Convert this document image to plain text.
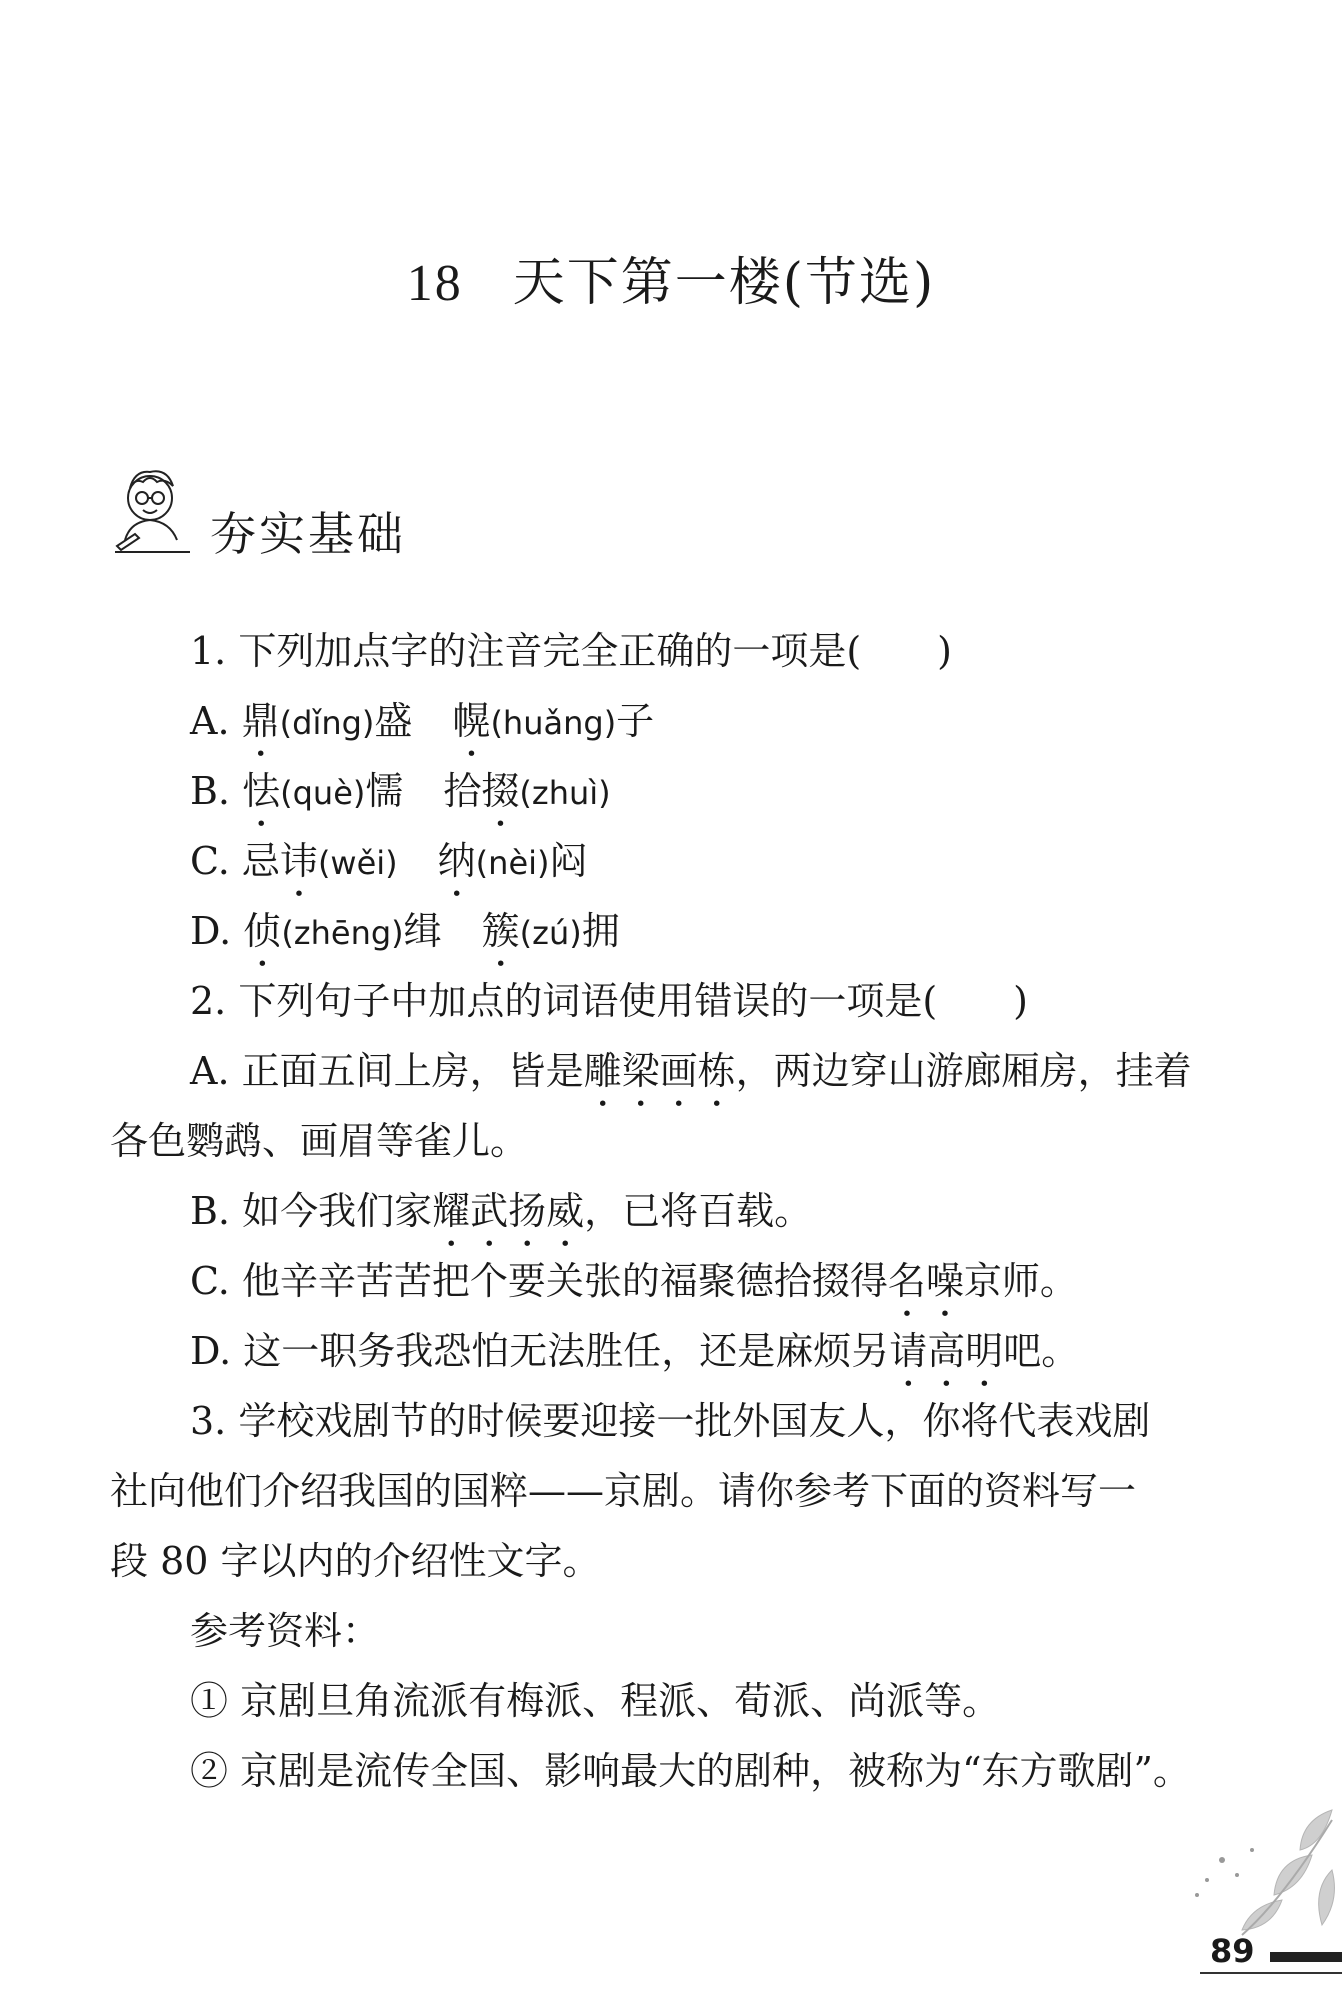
18 天下第一楼(节选)
夯实基础
1. 下列加点字的注音完全正确的一项是(　　)
A. 鼎(dǐng)盛 幌(huǎng)子
B. 怯(què)懦 拾掇(zhuì)
C. 忌讳(wěi) 纳(nèi)闷
D. 侦(zhēng)缉 簇(zú)拥
2. 下列句子中加点的词语使用错误的一项是(　　)
A. 正面五间上房，皆是雕梁画栋，两边穿山游廊厢房，挂着
各色鹦鹉、画眉等雀儿。
B. 如今我们家耀武扬威，已将百载。
C. 他辛辛苦苦把个要关张的福聚德拾掇得名噪京师。
D. 这一职务我恐怕无法胜任，还是麻烦另请高明吧。
3. 学校戏剧节的时候要迎接一批外国友人，你将代表戏剧
社向他们介绍我国的国粹——京剧。请你参考下面的资料写一
段 80 字以内的介绍性文字。
参考资料：
① 京剧旦角流派有梅派、程派、荀派、尚派等。
② 京剧是流传全国、影响最大的剧种，被称为“东方歌剧”。
89
